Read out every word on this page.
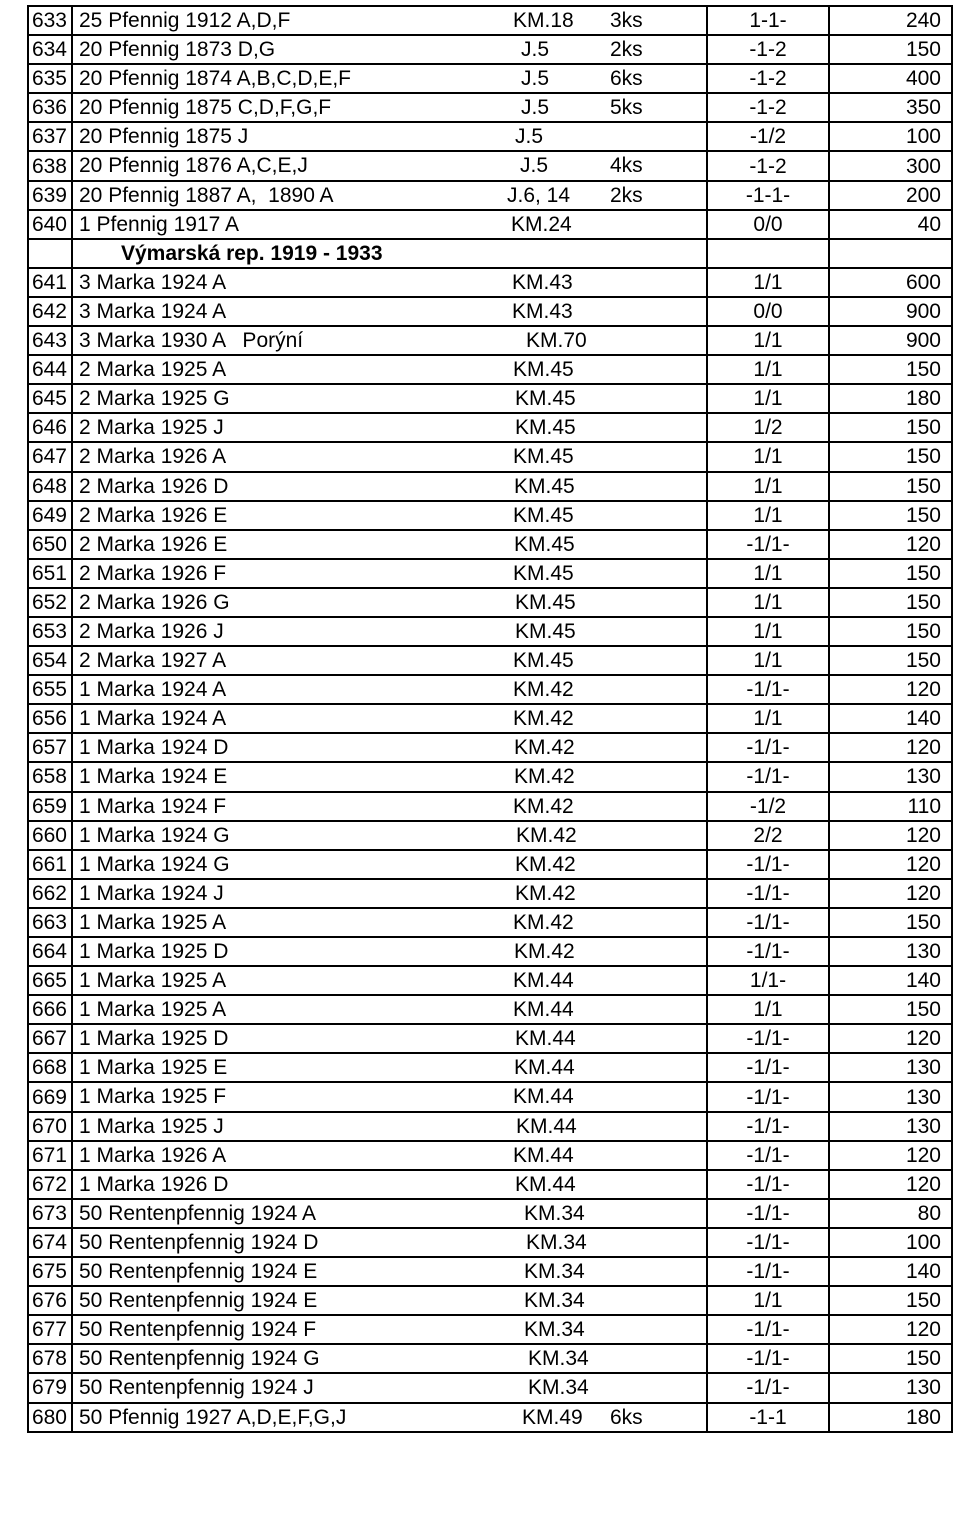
633	25 Pfennig 1912 A,D,F KM.18 3ks	1-1-	240
634	20 Pfennig 1873 D,G J.5 2ks	-1-2	150
635	20 Pfennig 1874 A,B,C,D,E,F J.5 6ks	-1-2	400
636	20 Pfennig 1875 C,D,F,G,F J.5 5ks	-1-2	350
637	20 Pfennig 1875 J J.5	-1/2	100
638	20 Pfennig 1876 A,C,E,J J.5 4ks	-1-2	300
639	20 Pfennig 1887 A,  1890 A J.6, 14 2ks	-1-1-	200
640	1 Pfennig 1917 A KM.24	0/0	40

	Výmarská rep. 1919 - 1933		

641	3 Marka 1924 A KM.43	1/1	600
642	3 Marka 1924 A KM.43	0/0	900
643	3 Marka 1930 A   Porýní KM.70	1/1	900
644	2 Marka 1925 A KM.45	1/1	150
645	2 Marka 1925 G KM.45	1/1	180
646	2 Marka 1925 J KM.45	1/2	150
647	2 Marka 1926 A KM.45	1/1	150
648	2 Marka 1926 D KM.45	1/1	150
649	2 Marka 1926 E KM.45	1/1	150
650	2 Marka 1926 E KM.45	-1/1-	120
651	2 Marka 1926 F KM.45	1/1	150
652	2 Marka 1926 G KM.45	1/1	150
653	2 Marka 1926 J KM.45	1/1	150
654	2 Marka 1927 A KM.45	1/1	150
655	1 Marka 1924 A KM.42	-1/1-	120
656	1 Marka 1924 A KM.42	1/1	140
657	1 Marka 1924 D KM.42	-1/1-	120
658	1 Marka 1924 E KM.42	-1/1-	130
659	1 Marka 1924 F KM.42	-1/2	110
660	1 Marka 1924 G KM.42	2/2	120
661	1 Marka 1924 G KM.42	-1/1-	120
662	1 Marka 1924 J KM.42	-1/1-	120
663	1 Marka 1925 A KM.42	-1/1-	150
664	1 Marka 1925 D KM.42	-1/1-	130
665	1 Marka 1925 A KM.44	1/1-	140
666	1 Marka 1925 A KM.44	1/1	150
667	1 Marka 1925 D KM.44	-1/1-	120
668	1 Marka 1925 E KM.44	-1/1-	130
669	1 Marka 1925 F KM.44	-1/1-	130
670	1 Marka 1925 J KM.44	-1/1-	130
671	1 Marka 1926 A KM.44	-1/1-	120
672	1 Marka 1926 D KM.44	-1/1-	120
673	50 Rentenpfennig 1924 A KM.34	-1/1-	80
674	50 Rentenpfennig 1924 D KM.34	-1/1-	100
675	50 Rentenpfennig 1924 E KM.34	-1/1-	140
676	50 Rentenpfennig 1924 E KM.34	1/1	150
677	50 Rentenpfennig 1924 F KM.34	-1/1-	120
678	50 Rentenpfennig 1924 G KM.34	-1/1-	150
679	50 Rentenpfennig 1924 J KM.34	-1/1-	130
680	50 Pfennig 1927 A,D,E,F,G,J KM.49 6ks	-1-1	180
